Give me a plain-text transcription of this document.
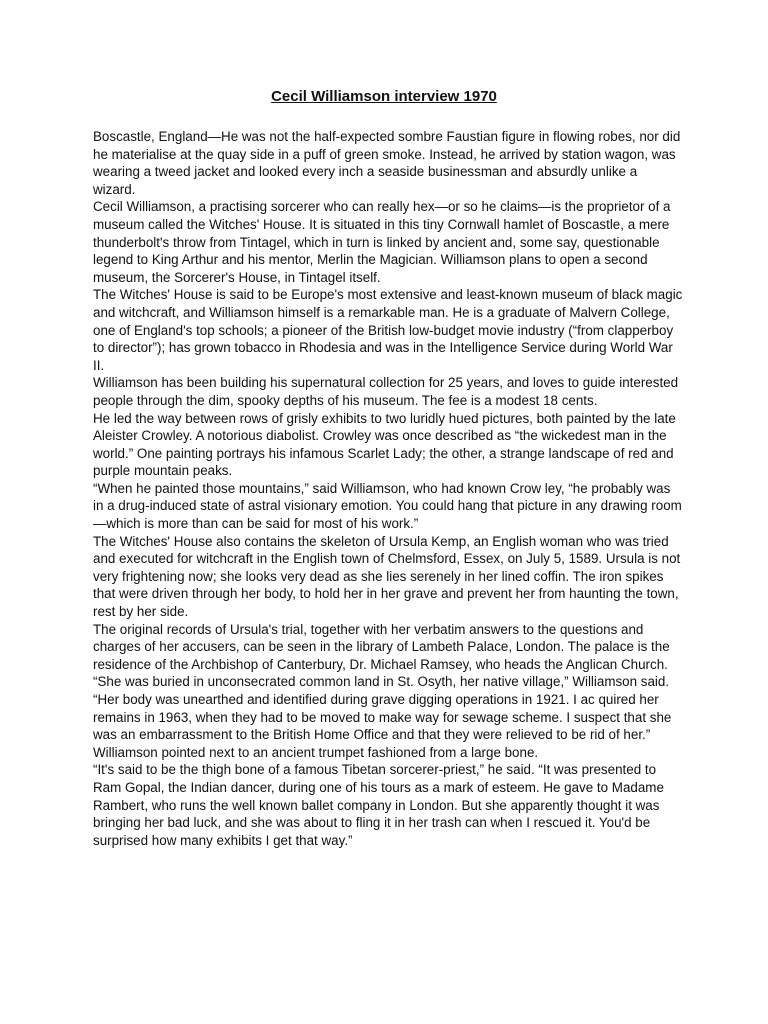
Cecil Williamson interview 1970

Boscastle, England—He was not the half-expected sombre Faustian figure in flowing robes, nor did he materialise at the quay side in a puff of green smoke. Instead, he arrived by station wagon, was wearing a tweed jacket and looked every inch a seaside businessman and absurdly unlike a wizard.

Cecil Williamson, a practising sorcerer who can really hex—or so he claims—is the proprietor of a museum called the Witches' House. It is situated in this tiny Cornwall hamlet of Boscastle, a mere thunderbolt's throw from Tintagel, which in turn is linked by ancient and, some say, questionable legend to King Arthur and his mentor, Merlin the Magician. Williamson plans to open a second museum, the Sorcerer's House, in Tintagel itself.

The Witches' House is said to be Europe's most extensive and least-known museum of black magic and witchcraft, and Williamson himself is a remarkable man. He is a graduate of Malvern College, one of England's top schools; a pioneer of the British low-budget movie industry (“from clapperboy to director”); has grown tobacco in Rhodesia and was in the Intelligence Service during World War II.

Williamson has been building his supernatural collection for 25 years, and loves to guide interested people through the dim, spooky depths of his museum. The fee is a modest 18 cents.

He led the way between rows of grisly exhibits to two luridly hued pictures, both painted by the late Aleister Crowley. A notorious diabolist. Crowley was once described as “the wickedest man in the world.” One painting portrays his infamous Scarlet Lady; the other, a strange landscape of red and purple mountain peaks.

“When he painted those mountains,” said Williamson, who had known Crow ley, “he probably was in a drug-induced state of astral visionary emotion. You could hang that picture in any drawing room—which is more than can be said for most of his work.”

The Witches' House also contains the skeleton of Ursula Kemp, an English woman who was tried and executed for witchcraft in the English town of Chelmsford, Essex, on July 5, 1589. Ursula is not very frightening now; she looks very dead as she lies serenely in her lined coffin. The iron spikes that were driven through her body, to hold her in her grave and prevent her from haunting the town, rest by her side.

The original records of Ursula's trial, together with her verbatim answers to the questions and charges of her accusers, can be seen in the library of Lambeth Palace, London. The palace is the residence of the Archbishop of Canterbury, Dr. Michael Ramsey, who heads the Anglican Church.

“She was buried in unconsecrated common land in St. Osyth, her native village,” Williamson said. “Her body was unearthed and identified during grave digging operations in 1921. I ac quired her remains in 1963, when they had to be moved to make way for sewage scheme. I suspect that she was an embarrassment to the British Home Office and that they were relieved to be rid of her.”

Williamson pointed next to an ancient trumpet fashioned from a large bone.

“It's said to be the thigh bone of a famous Tibetan sorcerer-priest,” he said. “It was presented to Ram Gopal, the Indian dancer, during one of his tours as a mark of esteem. He gave to Madame Rambert, who runs the well known ballet company in London. But she apparently thought it was bringing her bad luck, and she was about to fling it in her trash can when I rescued it. You'd be surprised how many exhibits I get that way.”
